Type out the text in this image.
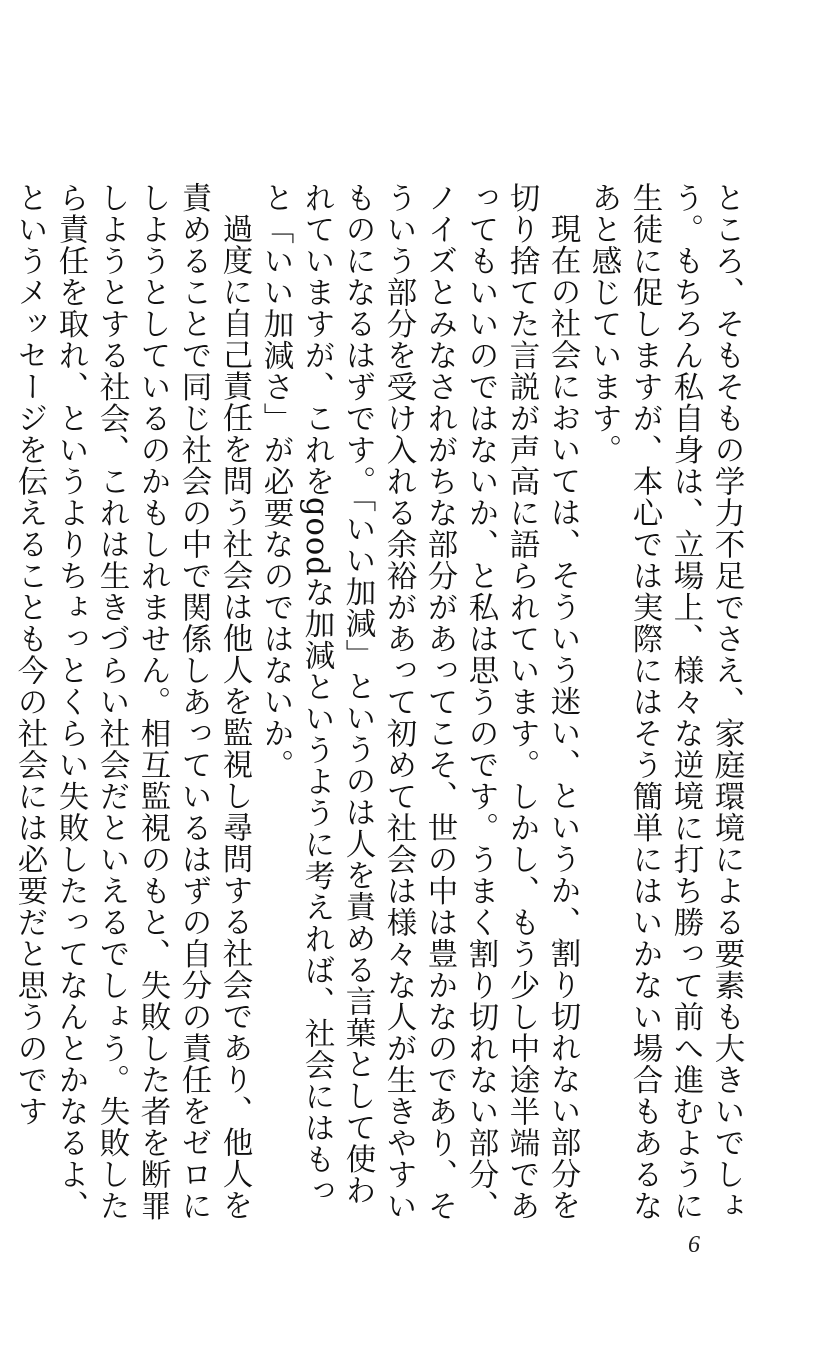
ところ、そもそもの学力不足でさえ、家庭環境による要素も大きいでしょう。もちろん私自身は、立場上、様々な逆境に打ち勝って前へ進むように生徒に促しますが、本心では実際にはそう簡単にはいかない場合もあるなあと感じています。

現在の社会においては、そういう迷い、というか、割り切れない部分を切り捨てた言説が声高に語られています。しかし、もう少し中途半端であってもいいのではないか、と私は思うのです。うまく割り切れない部分、ノイズとみなされがちな部分があってこそ、世の中は豊かなのであり、そういう部分を受け入れる余裕があって初めて社会は様々な人が生きやすいものになるはずです。「いい加減」というのは人を責める言葉として使われていますが、これをgoodな加減というように考えれば、社会にはもっと「いい加減さ」が必要なのではないか。

過度に自己責任を問う社会は他人を監視し尋問する社会であり、他人を責めることで同じ社会の中で関係しあっているはずの自分の責任をゼロにしようとしているのかもしれません。相互監視のもと、失敗した者を断罪しようとする社会、これは生きづらい社会だといえるでしょう。失敗したら責任を取れ、というよりちょっとくらい失敗したってなんとかなるよ、というメッセージを伝えることも今の社会には必要だと思うのです

6
